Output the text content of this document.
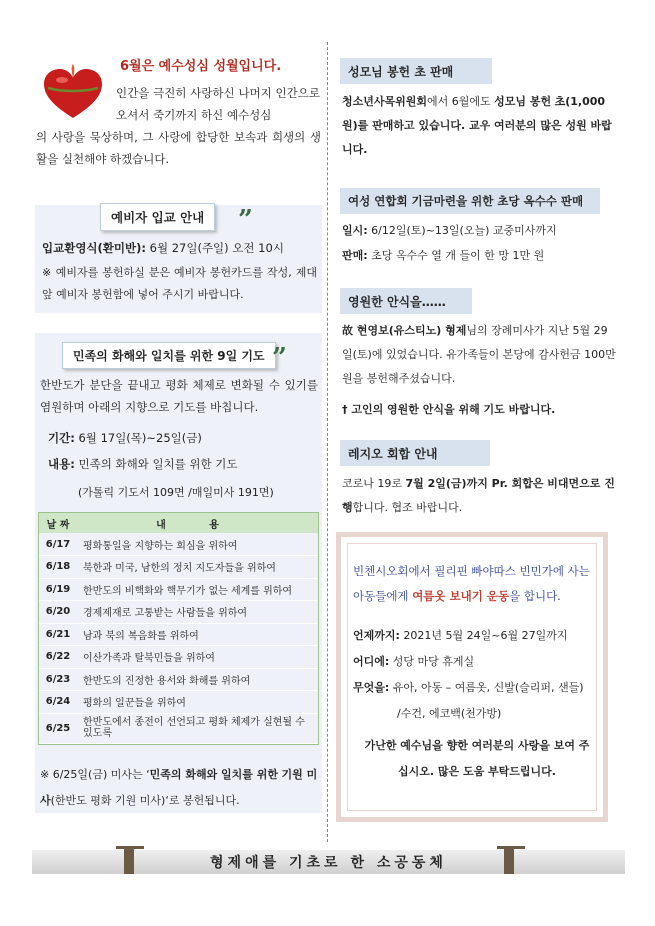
6월은 예수성심 성월입니다.
인간을 극진히 사랑하신 나머지 인간으로 오셔서 죽기까지 하신 예수성심
의 사랑을 묵상하며, 그 사랑에 합당한 보속과 희생의 생활을 실천해야 하겠습니다.
예비자 입교 안내	”
입교환영식(환미반): 6월 27일(주일) 오전 10시
※ 예비자를 봉헌하실 분은 예비자 봉헌카드를 작성, 제대 앞 예비자 봉헌함에 넣어 주시기 바랍니다.
민족의 화해와 일치를 위한 9일 기도 ”
한반도가 분단을 끝내고 평화 체제로 변화될 수 있기를 염원하며 아래의 지향으로 기도를 바칩니다.
기간: 6월 17일(목)~25일(금)
내용: 민족의 화해와 일치를 위한 기도
(가톨릭 기도서 109면 /매일미사 191면)
날 짜	내 용
6/17	평화통일을 지향하는 회심을 위하여
6/18	북한과 미국, 남한의 정치 지도자들을 위하여
6/19	한반도의 비핵화와 핵무기가 없는 세계를 위하여
6/20	경제제재로 고통받는 사람들을 위하여
6/21	남과 북의 복음화를 위하여
6/22	이산가족과 탈북민들을 위하여
6/23	한반도의 진정한 용서와 화해를 위하여
6/24	평화의 일꾼들을 위하여
6/25	한반도에서 종전이 선언되고 평화 체제가 실현될 수 있도록
※ 6/25일(금) 미사는 ‘민족의 화해와 일치를 위한 기원 미사(한반도 평화 기원 미사)‘로 봉헌됩니다.
성모님 봉헌 초 판매
청소년사목위원회에서 6월에도 성모님 봉헌 초(1,000원)를 판매하고 있습니다. 교우 여러분의 많은 성원 바랍니다.
여성 연합회 기금마련을 위한 초당 옥수수 판매
일시: 6/12일(토)~13일(오늘) 교중미사까지
판매: 초당 옥수수 열 개 들이 한 망 1만 원
영원한 안식을……
故 현영보(유스티노) 형제님의 장례미사가 지난 5월 29일(토)에 있었습니다. 유가족들이 본당에 감사헌금 100만 원을 봉헌해주셨습니다.
† 고인의 영원한 안식을 위해 기도 바랍니다.
레지오 회합 안내
코로나 19로 7월 2일(금)까지 Pr. 회합은 비대면으로 진행합니다. 협조 바랍니다.
빈첸시오회에서 필리핀 빠야따스 빈민가에 사는 아동들에게 여름옷 보내기 운동을 합니다.
언제까지: 2021년 5월 24일~6월 27일까지
어디에: 성당 마당 휴게실
무엇을: 유아, 아동 – 여름옷, 신발(슬리퍼, 샌들)
/수건, 에코백(천가방)
가난한 예수님을 향한 여러분의 사랑을 보여 주십시오. 많은 도움 부탁드립니다.
형제애를 기초로 한 소공동체
